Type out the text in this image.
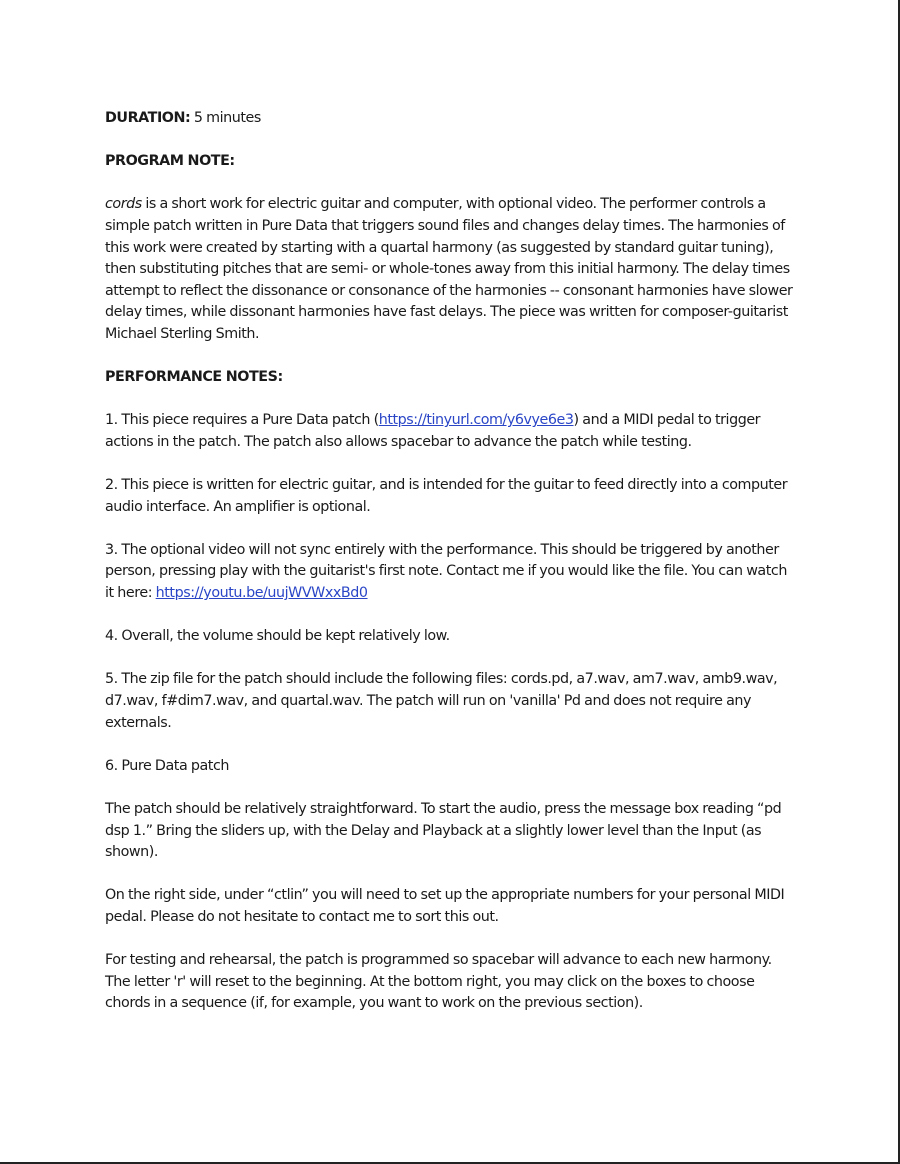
DURATION: 5 minutes

PROGRAM NOTE:

cords is a short work for electric guitar and computer, with optional video. The performer controls a simple patch written in Pure Data that triggers sound files and changes delay times. The harmonies of this work were created by starting with a quartal harmony (as suggested by standard guitar tuning), then substituting pitches that are semi- or whole-tones away from this initial harmony. The delay times attempt to reflect the dissonance or consonance of the harmonies -- consonant harmonies have slower delay times, while dissonant harmonies have fast delays. The piece was written for composer-guitarist Michael Sterling Smith.

PERFORMANCE NOTES:

1. This piece requires a Pure Data patch (https://tinyurl.com/y6vye6e3) and a MIDI pedal to trigger actions in the patch. The patch also allows spacebar to advance the patch while testing.

2. This piece is written for electric guitar, and is intended for the guitar to feed directly into a computer audio interface. An amplifier is optional.

3. The optional video will not sync entirely with the performance. This should be triggered by another person, pressing play with the guitarist's first note. Contact me if you would like the file. You can watch it here: https://youtu.be/uujWVWxxBd0

4. Overall, the volume should be kept relatively low.

5. The zip file for the patch should include the following files: cords.pd, a7.wav, am7.wav, amb9.wav, d7.wav, f#dim7.wav, and quartal.wav. The patch will run on 'vanilla' Pd and does not require any externals.

6. Pure Data patch

The patch should be relatively straightforward. To start the audio, press the message box reading “pd dsp 1.” Bring the sliders up, with the Delay and Playback at a slightly lower level than the Input (as shown).

On the right side, under “ctlin” you will need to set up the appropriate numbers for your personal MIDI pedal. Please do not hesitate to contact me to sort this out.

For testing and rehearsal, the patch is programmed so spacebar will advance to each new harmony. The letter 'r' will reset to the beginning. At the bottom right, you may click on the boxes to choose chords in a sequence (if, for example, you want to work on the previous section).
